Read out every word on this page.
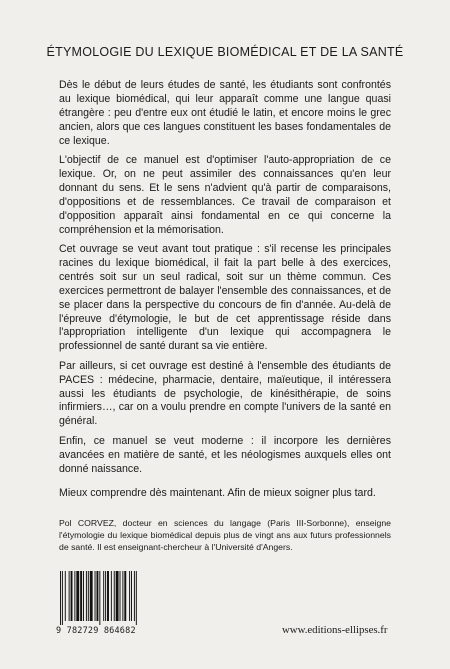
ÉTYMOLOGIE DU LEXIQUE BIOMÉDICAL ET DE LA SANTÉ

Dès le début de leurs études de santé, les étudiants sont confrontés au lexique biomédical, qui leur apparaît comme une langue quasi étrangère : peu d'entre eux ont étudié le latin, et encore moins le grec ancien, alors que ces langues constituent les bases fondamentales de ce lexique.

L'objectif de ce manuel est d'optimiser l'auto-appropriation de ce lexique. Or, on ne peut assimiler des connaissances qu'en leur donnant du sens. Et le sens n'advient qu'à partir de comparaisons, d'oppositions et de ressemblances. Ce travail de comparaison et d'opposition apparaît ainsi fondamental en ce qui concerne la compréhension et la mémorisation.

Cet ouvrage se veut avant tout pratique : s'il recense les principales racines du lexique biomédical, il fait la part belle à des exercices, centrés soit sur un seul radical, soit sur un thème commun. Ces exercices permettront de balayer l'ensemble des connaissances, et de se placer dans la perspective du concours de fin d'année. Au-delà de l'épreuve d'étymologie, le but de cet apprentissage réside dans l'appropriation intelligente d'un lexique qui accompagnera le professionnel de santé durant sa vie entière.

Par ailleurs, si cet ouvrage est destiné à l'ensemble des étudiants de PACES : médecine, pharmacie, dentaire, maïeutique, il intéressera aussi les étudiants de psychologie, de kinésithérapie, de soins infirmiers…, car on a voulu prendre en compte l'univers de la santé en général.

Enfin, ce manuel se veut moderne : il incorpore les dernières avancées en matière de santé, et les néologismes auxquels elles ont donné naissance.

Mieux comprendre dès maintenant. Afin de mieux soigner plus tard.

Pol CORVEZ, docteur en sciences du langage (Paris III-Sorbonne), enseigne l'étymologie du lexique biomédical depuis plus de vingt ans aux futurs professionnels de santé. Il est enseignant-chercheur à l'Université d'Angers.
9 782729 864682	www.editions-ellipses.fr
